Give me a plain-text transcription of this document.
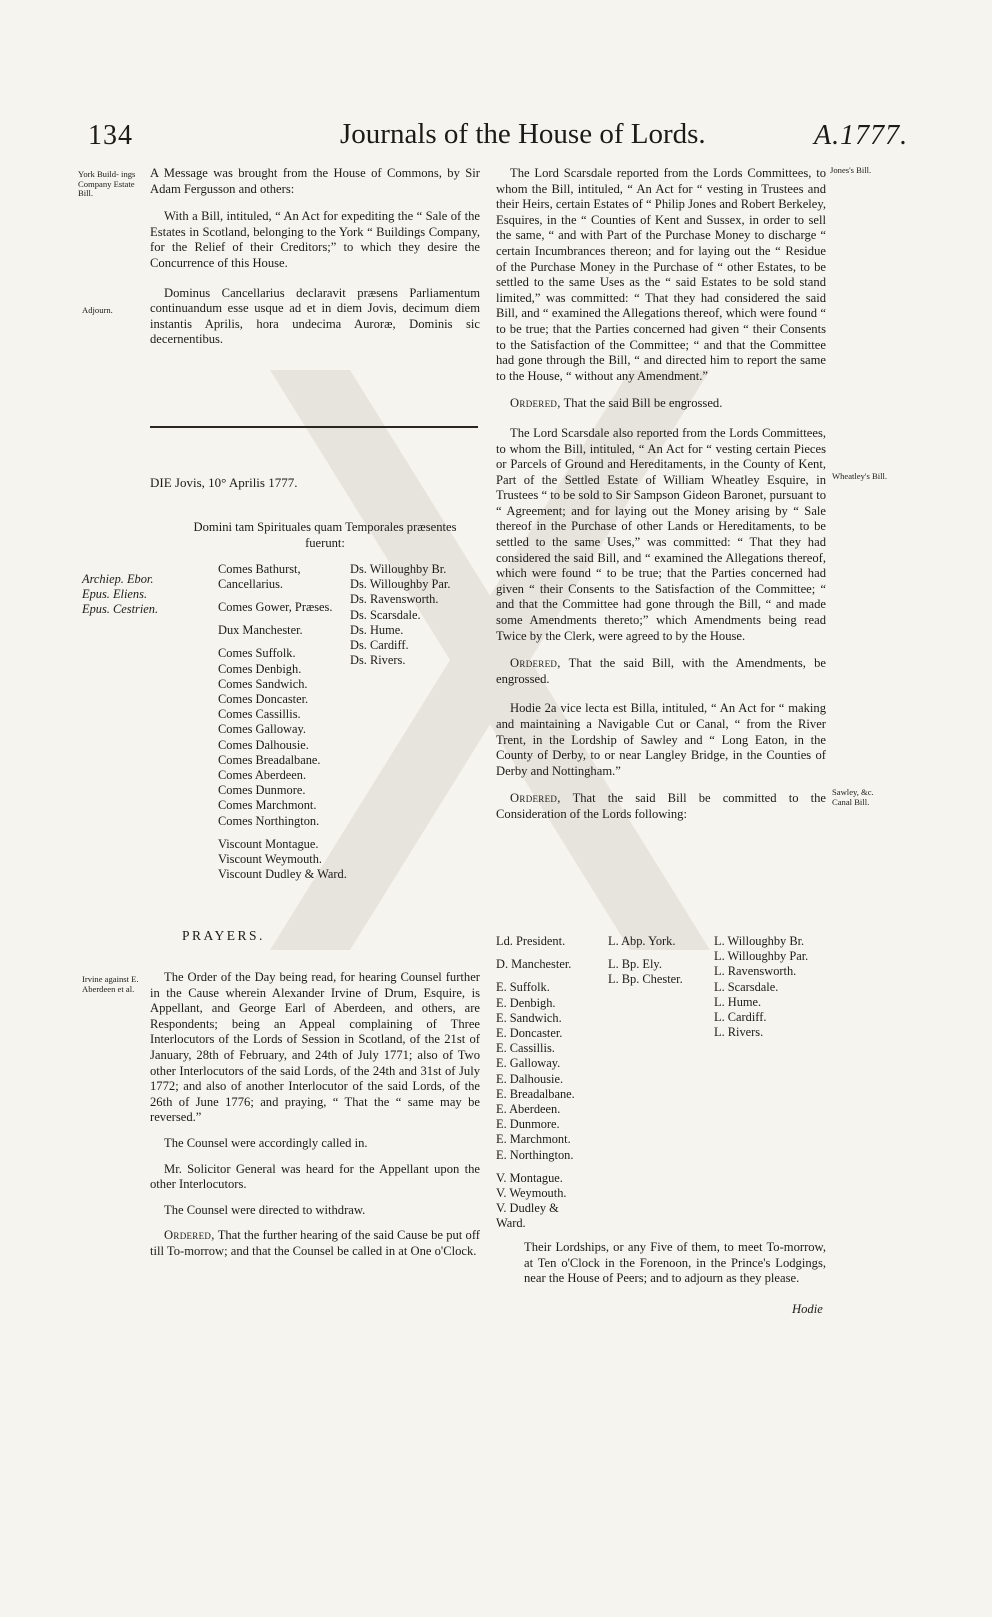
134	Journals of the House of Lords.	A.1777.
York Build- ings Company Estate Bill.
Adjourn.
Irvine against E. Aberdeen et al.
Jones's Bill.
Wheatley's Bill.
Sawley, &c. Canal Bill.

A Message was brought from the House of Commons, by Sir Adam Fergusson and others:

With a Bill, intituled, “ An Act for expediting the “ Sale of the Estates in Scotland, belonging to the York “ Buildings Company, for the Relief of their Creditors;” to which they desire the Concurrence of this House.

Dominus Cancellarius declaravit præsens Parliamentum continuandum esse usque ad et in diem Jovis, decimum diem instantis Aprilis, hora undecima Auroræ, Dominis sic decernentibus.

DIE Jovis, 10° Aprilis 1777.
Domini tam Spirituales quam Temporales præsentes fuerunt:
Archiep. Ebor.
Epus. Eliens.
Epus. Cestrien.
Comes Bathurst, Cancellarius.
Comes Gower, Præses.
Dux Manchester.
Comes Suffolk.
Comes Denbigh.
Comes Sandwich.
Comes Doncaster.
Comes Cassillis.
Comes Galloway.
Comes Dalhousie.
Comes Breadalbane.
Comes Aberdeen.
Comes Dunmore.
Comes Marchmont.
Comes Northington.
Viscount Montague.
Viscount Weymouth.
Viscount Dudley & Ward.
Ds. Willoughby Br.
Ds. Willoughby Par.
Ds. Ravensworth.
Ds. Scarsdale.
Ds. Hume.
Ds. Cardiff.
Ds. Rivers.
PRAYERS.

The Order of the Day being read, for hearing Counsel further in the Cause wherein Alexander Irvine of Drum, Esquire, is Appellant, and George Earl of Aberdeen, and others, are Respondents; being an Appeal complaining of Three Interlocutors of the Lords of Session in Scotland, of the 21st of January, 28th of February, and 24th of July 1771; also of Two other Interlocutors of the said Lords, of the 24th and 31st of July 1772; and also of another Interlocutor of the said Lords, of the 26th of June 1776; and praying, “ That the “ same may be reversed.”

The Counsel were accordingly called in.

Mr. Solicitor General was heard for the Appellant upon the other Interlocutors.

The Counsel were directed to withdraw.

Ordered, That the further hearing of the said Cause be put off till To-morrow; and that the Counsel be called in at One o'Clock.

The Lord Scarsdale reported from the Lords Committees, to whom the Bill, intituled, “ An Act for “ vesting in Trustees and their Heirs, certain Estates of “ Philip Jones and Robert Berkeley, Esquires, in the “ Counties of Kent and Sussex, in order to sell the same, “ and with Part of the Purchase Money to discharge “ certain Incumbrances thereon; and for laying out the “ Residue of the Purchase Money in the Purchase of “ other Estates, to be settled to the same Uses as the “ said Estates to be sold stand limited,” was committed: “ That they had considered the said Bill, and “ examined the Allegations thereof, which were found “ to be true; that the Parties concerned had given “ their Consents to the Satisfaction of the Committee; “ and that the Committee had gone through the Bill, “ and directed him to report the same to the House, “ without any Amendment.”

Ordered, That the said Bill be engrossed.

The Lord Scarsdale also reported from the Lords Committees, to whom the Bill, intituled, “ An Act for “ vesting certain Pieces or Parcels of Ground and Hereditaments, in the County of Kent, Part of the Settled Estate of William Wheatley Esquire, in Trustees “ to be sold to Sir Sampson Gideon Baronet, pursuant to “ Agreement; and for laying out the Money arising by “ Sale thereof in the Purchase of other Lands or Hereditaments, to be settled to the same Uses,” was committed: “ That they had considered the said Bill, and “ examined the Allegations thereof, which were found “ to be true; that the Parties concerned had given “ their Consents to the Satisfaction of the Committee; “ and that the Committee had gone through the Bill, “ and made some Amendments thereto;” which Amendments being read Twice by the Clerk, were agreed to by the House.

Ordered, That the said Bill, with the Amendments, be engrossed.

Hodie 2a vice lecta est Billa, intituled, “ An Act for “ making and maintaining a Navigable Cut or Canal, “ from the River Trent, in the Lordship of Sawley and “ Long Eaton, in the County of Derby, to or near Langley Bridge, in the Counties of Derby and Nottingham.”

Ordered, That the said Bill be committed to the Consideration of the Lords following:

Ld. President.
D. Manchester.
E. Suffolk.
E. Denbigh.
E. Sandwich.
E. Doncaster.
E. Cassillis.
E. Galloway.
E. Dalhousie.
E. Breadalbane.
E. Aberdeen.
E. Dunmore.
E. Marchmont.
E. Northington.
V. Montague.
V. Weymouth.
V. Dudley & Ward.
L. Abp. York.
L. Bp. Ely.
L. Bp. Chester.
L. Willoughby Br.
L. Willoughby Par.
L. Ravensworth.
L. Scarsdale.
L. Hume.
L. Cardiff.
L. Rivers.

Their Lordships, or any Five of them, to meet To-morrow, at Ten o'Clock in the Forenoon, in the Prince's Lodgings, near the House of Peers; and to adjourn as they please.

Hodie
